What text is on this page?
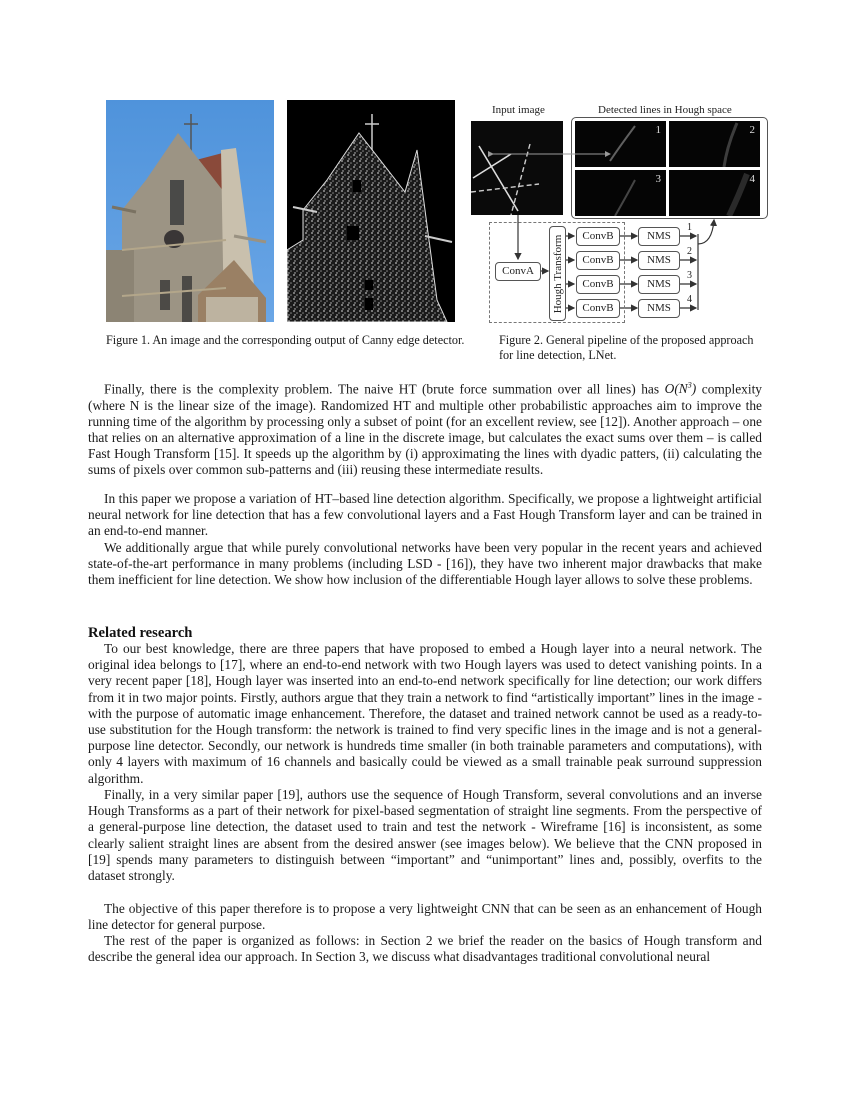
Figure 1. An image and the corresponding output of Canny edge detector.
Input image	Detected lines in Hough space
1	2
3	4
ConvA	Hough Transform	ConvB
ConvB
ConvB
ConvB
NMS
NMS
NMS
NMS
1
2
3
4
Figure 2. General pipeline of the proposed approach
for line detection, LNet.

Finally, there is the complexity problem. The naive HT (brute force summation over all lines) has $O(N^3)$ complexity (where N is the linear size of the image). Randomized HT and multiple other probabilistic approaches aim to improve the running time of the algorithm by processing only a subset of point (for an excellent review, see [12]). Another approach – one that relies on an alternative approximation of a line in the discrete image, but calculates the exact sums over them – is called Fast Hough Transform [15]. It speeds up the algorithm by (i) approximating the lines with dyadic patters, (ii) calculating the sums of pixels over common sub-patterns and (iii) reusing these intermediate results.

In this paper we propose a variation of HT–based line detection algorithm. Specifically, we propose a lightweight artificial neural network for line detection that has a few convolutional layers and a Fast Hough Transform layer and can be trained in an end-to-end manner.

We additionally argue that while purely convolutional networks have been very popular in the recent years and achieved state-of-the-art performance in many problems (including LSD - [16]), they have two inherent major drawbacks that make them inefficient for line detection. We show how inclusion of the differentiable Hough layer allows to solve these problems.

Related research

To our best knowledge, there are three papers that have proposed to embed a Hough layer into a neural network. The original idea belongs to [17], where an end-to-end network with two Hough layers was used to detect vanishing points. In a very recent paper [18], Hough layer was inserted into an end-to-end network specifically for line detection; our work differs from it in two major points. Firstly, authors argue that they train a network to find “artistically important” lines in the image - with the purpose of automatic image enhancement. Therefore, the dataset and trained network cannot be used as a ready-to-use substitution for the Hough transform: the network is trained to find very specific lines in the image and is not a general-purpose line detector. Secondly, our network is hundreds time smaller (in both trainable parameters and computations), with only 4 layers with maximum of 16 channels and basically could be viewed as a small trainable peak surround suppression algorithm.

Finally, in a very similar paper [19], authors use the sequence of Hough Transform, several convolutions and an inverse Hough Transforms as a part of their network for pixel-based segmentation of straight line segments. From the perspective of a general-purpose line detection, the dataset used to train and test the network - Wireframe [16] is inconsistent, as some clearly salient straight lines are absent from the desired answer (see images below). We believe that the CNN proposed in [19] spends many parameters to distinguish between “important” and “unimportant” lines and, possibly, overfits to the dataset strongly.

The objective of this paper therefore is to propose a very lightweight CNN that can be seen as an enhancement of Hough line detector for general purpose.

The rest of the paper is organized as follows: in Section 2 we brief the reader on the basics of Hough transform and describe the general idea our approach. In Section 3, we discuss what disadvantages traditional convolutional neural
